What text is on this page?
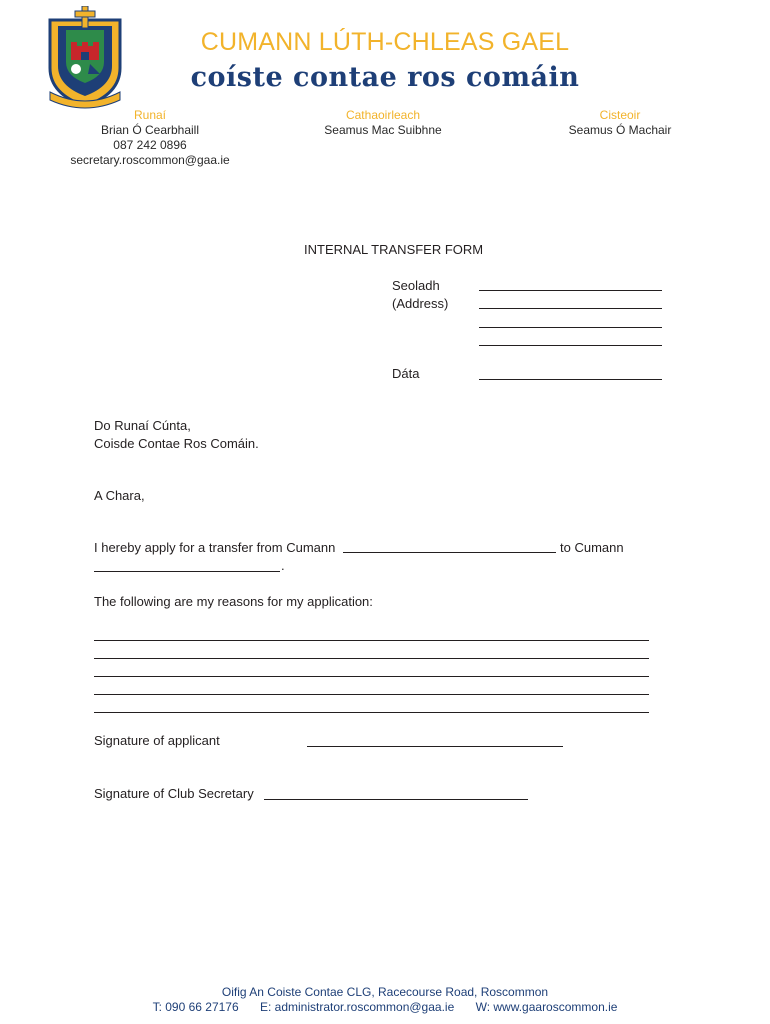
CUMANN LÚTH-CHLEAS GAEL
coíste contae ros comáin
Runaí
Brian Ó Cearbhaill
087 242 0896
secretary.roscommon@gaa.ie
Cathaoirleach
Seamus Mac Suibhne
Cisteoir
Seamus Ó Machair
INTERNAL TRANSFER FORM
Seoladh
(Address)
Dáta
Do Runaí Cúnta,
Coisde Contae Ros Comáin.
A Chara,
I hereby apply for a transfer from Cumann	to Cumann
.
The following are my reasons for my application:
Signature of applicant
Signature of Club Secretary
Oifig An Coiste Contae CLG, Racecourse Road, Roscommon
T: 090 66 27176 E: administrator.roscommon@gaa.ie W: www.gaaroscommon.ie
